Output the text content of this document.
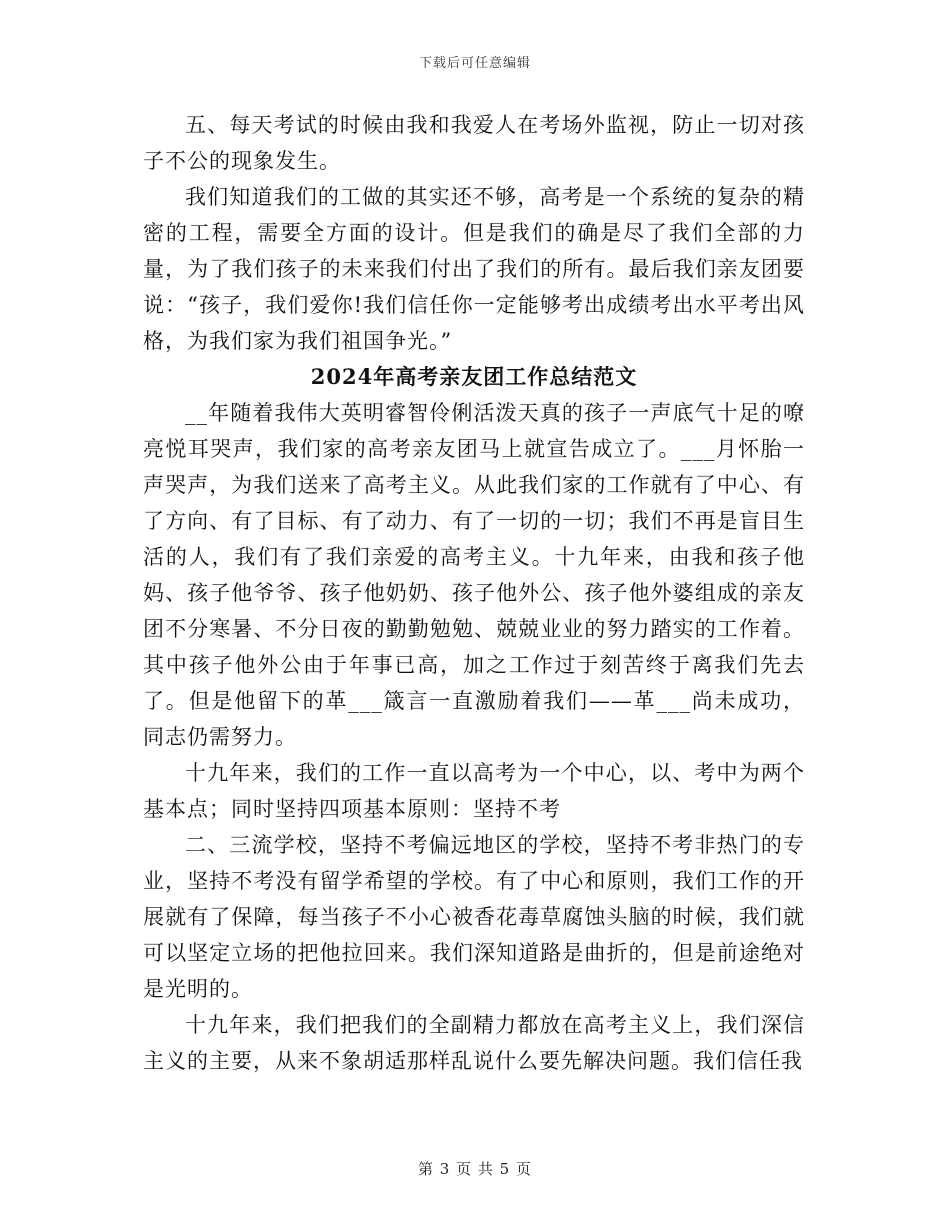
下载后可任意编辑

五、每天考试的时候由我和我爱人在考场外监视，防止一切对孩子不公的现象发生。

我们知道我们的工做的其实还不够，高考是一个系统的复杂的精密的工程，需要全方面的设计。但是我们的确是尽了我们全部的力量，为了我们孩子的未来我们付出了我们的所有。最后我们亲友团要说：“孩子，我们爱你!我们信任你一定能够考出成绩考出水平考出风格，为我们家为我们祖国争光。”

2024年高考亲友团工作总结范文

__年随着我伟大英明睿智伶俐活泼天真的孩子一声底气十足的嘹亮悦耳哭声，我们家的高考亲友团马上就宣告成立了。___月怀胎一声哭声，为我们送来了高考主义。从此我们家的工作就有了中心、有了方向、有了目标、有了动力、有了一切的一切；我们不再是盲目生活的人，我们有了我们亲爱的高考主义。十九年来，由我和孩子他妈、孩子他爷爷、孩子他奶奶、孩子他外公、孩子他外婆组成的亲友团不分寒暑、不分日夜的勤勤勉勉、兢兢业业的努力踏实的工作着。其中孩子他外公由于年事已高，加之工作过于刻苦终于离我们先去了。但是他留下的革___箴言一直激励着我们——革___尚未成功，同志仍需努力。

十九年来，我们的工作一直以高考为一个中心，以、考中为两个基本点；同时坚持四项基本原则：坚持不考

二、三流学校，坚持不考偏远地区的学校，坚持不考非热门的专业，坚持不考没有留学希望的学校。有了中心和原则，我们工作的开展就有了保障，每当孩子不小心被香花毒草腐蚀头脑的时候，我们就可以坚定立场的把他拉回来。我们深知道路是曲折的，但是前途绝对是光明的。

十九年来，我们把我们的全副精力都放在高考主义上，我们深信主义的主要，从来不象胡适那样乱说什么要先解决问题。我们信任我

第 3 页 共 5 页
